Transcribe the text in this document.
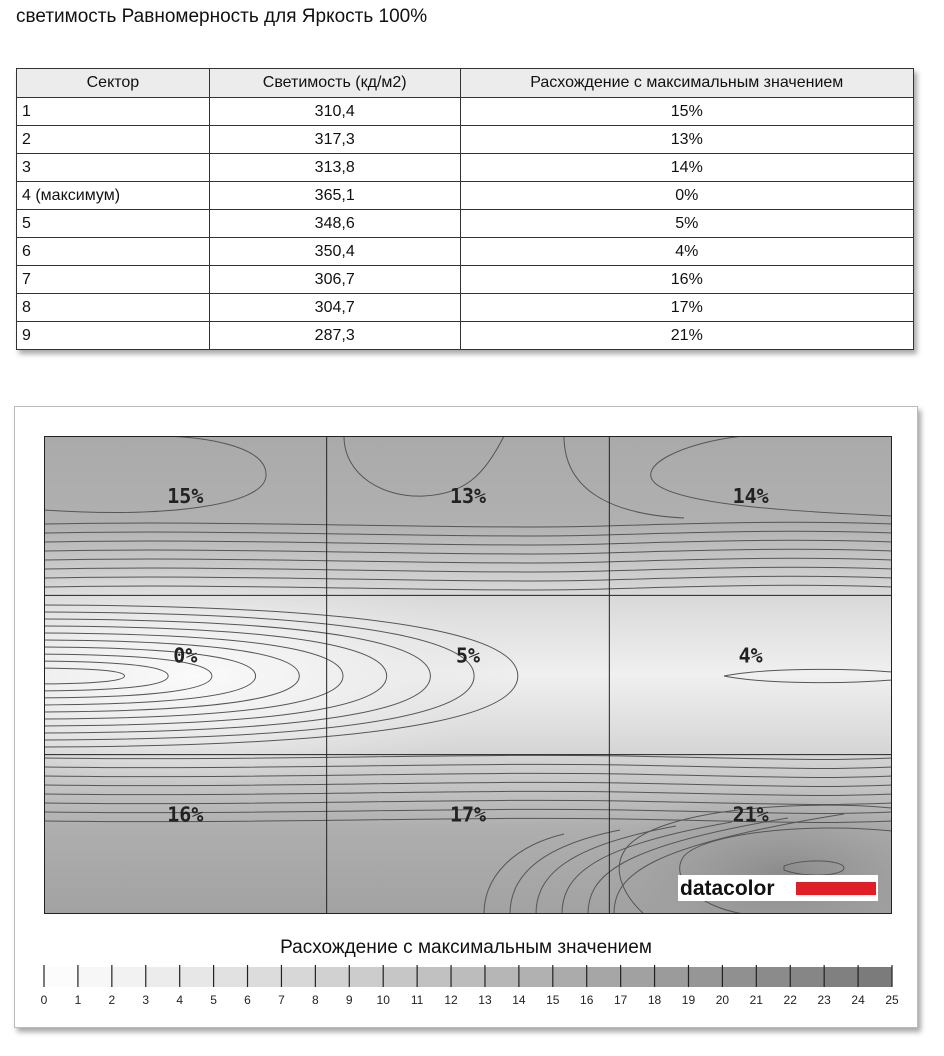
светимость Равномерность для Яркость 100%
Сектор	Светимость (кд/м2)	Расхождение с максимальным значением
1	310,4	15%
2	317,3	13%
3	313,8	14%
4 (максимум)	365,1	0%
5	348,6	5%
6	350,4	4%
7	306,7	16%
8	304,7	17%
9	287,3	21%
15%	13%	14%
0%	5%	4%
16%	17%	21%
datacolor
Расхождение с максимальным значением
0 1 2 3 4 5 6 7 8 9 10 11 12 13 14 15 16 17 18 19 20 21 22 23 24 25
